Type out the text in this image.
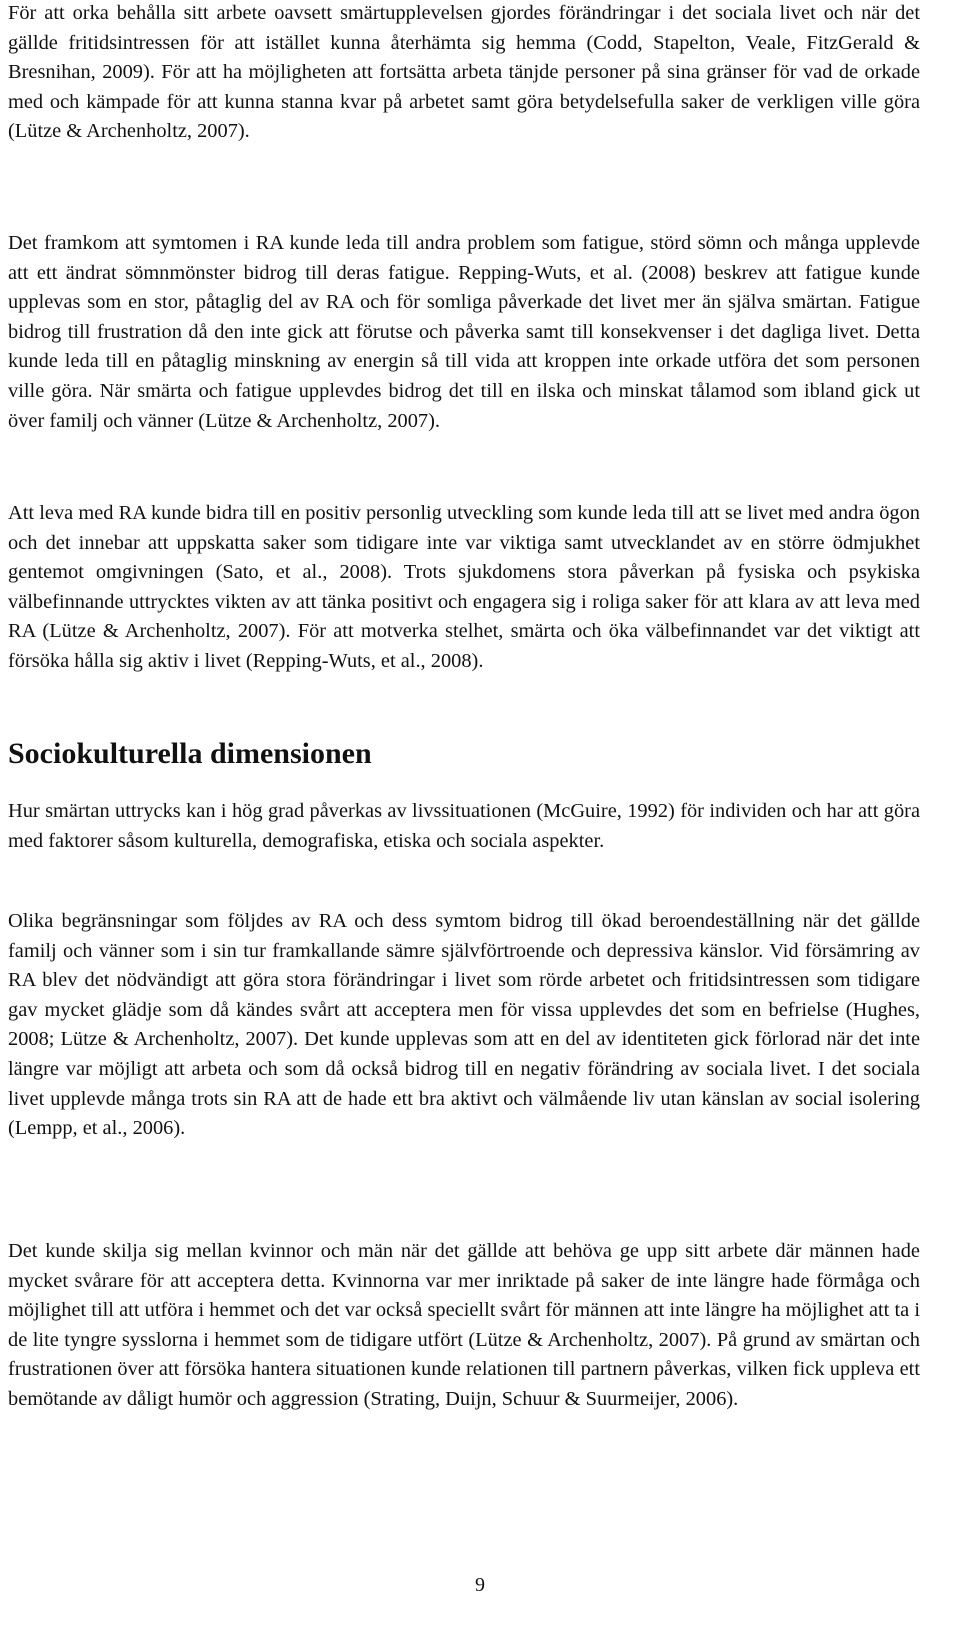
För att orka behålla sitt arbete oavsett smärtupplevelsen gjordes förändringar i det sociala livet och när det gällde fritidsintressen för att istället kunna återhämta sig hemma (Codd, Stapelton, Veale, FitzGerald & Bresnihan, 2009). För att ha möjligheten att fortsätta arbeta tänjde personer på sina gränser för vad de orkade med och kämpade för att kunna stanna kvar på arbetet samt göra betydelsefulla saker de verkligen ville göra (Lütze & Archenholtz, 2007).

Det framkom att symtomen i RA kunde leda till andra problem som fatigue, störd sömn och många upplevde att ett ändrat sömnmönster bidrog till deras fatigue. Repping-Wuts, et al. (2008) beskrev att fatigue kunde upplevas som en stor, påtaglig del av RA och för somliga påverkade det livet mer än själva smärtan. Fatigue bidrog till frustration då den inte gick att förutse och påverka samt till konsekvenser i det dagliga livet. Detta kunde leda till en påtaglig minskning av energin så till vida att kroppen inte orkade utföra det som personen ville göra. När smärta och fatigue upplevdes bidrog det till en ilska och minskat tålamod som ibland gick ut över familj och vänner (Lütze & Archenholtz, 2007).

Att leva med RA kunde bidra till en positiv personlig utveckling som kunde leda till att se livet med andra ögon och det innebar att uppskatta saker som tidigare inte var viktiga samt utvecklandet av en större ödmjukhet gentemot omgivningen (Sato, et al., 2008). Trots sjukdomens stora påverkan på fysiska och psykiska välbefinnande uttrycktes vikten av att tänka positivt och engagera sig i roliga saker för att klara av att leva med RA (Lütze & Archenholtz, 2007). För att motverka stelhet, smärta och öka välbefinnandet var det viktigt att försöka hålla sig aktiv i livet (Repping-Wuts, et al., 2008).

Sociokulturella dimensionen

Hur smärtan uttrycks kan i hög grad påverkas av livssituationen (McGuire, 1992) för individen och har att göra med faktorer såsom kulturella, demografiska, etiska och sociala aspekter.

Olika begränsningar som följdes av RA och dess symtom bidrog till ökad beroendeställning när det gällde familj och vänner som i sin tur framkallande sämre självförtroende och depressiva känslor. Vid försämring av RA blev det nödvändigt att göra stora förändringar i livet som rörde arbetet och fritidsintressen som tidigare gav mycket glädje som då kändes svårt att acceptera men för vissa upplevdes det som en befrielse (Hughes, 2008; Lütze & Archenholtz, 2007). Det kunde upplevas som att en del av identiteten gick förlorad när det inte längre var möjligt att arbeta och som då också bidrog till en negativ förändring av sociala livet. I det sociala livet upplevde många trots sin RA att de hade ett bra aktivt och välmående liv utan känslan av social isolering (Lempp, et al., 2006).

Det kunde skilja sig mellan kvinnor och män när det gällde att behöva ge upp sitt arbete där männen hade mycket svårare för att acceptera detta. Kvinnorna var mer inriktade på saker de inte längre hade förmåga och möjlighet till att utföra i hemmet och det var också speciellt svårt för männen att inte längre ha möjlighet att ta i de lite tyngre sysslorna i hemmet som de tidigare utfört (Lütze & Archenholtz, 2007). På grund av smärtan och frustrationen över att försöka hantera situationen kunde relationen till partnern påverkas, vilken fick uppleva ett bemötande av dåligt humör och aggression (Strating, Duijn, Schuur & Suurmeijer, 2006).

9
